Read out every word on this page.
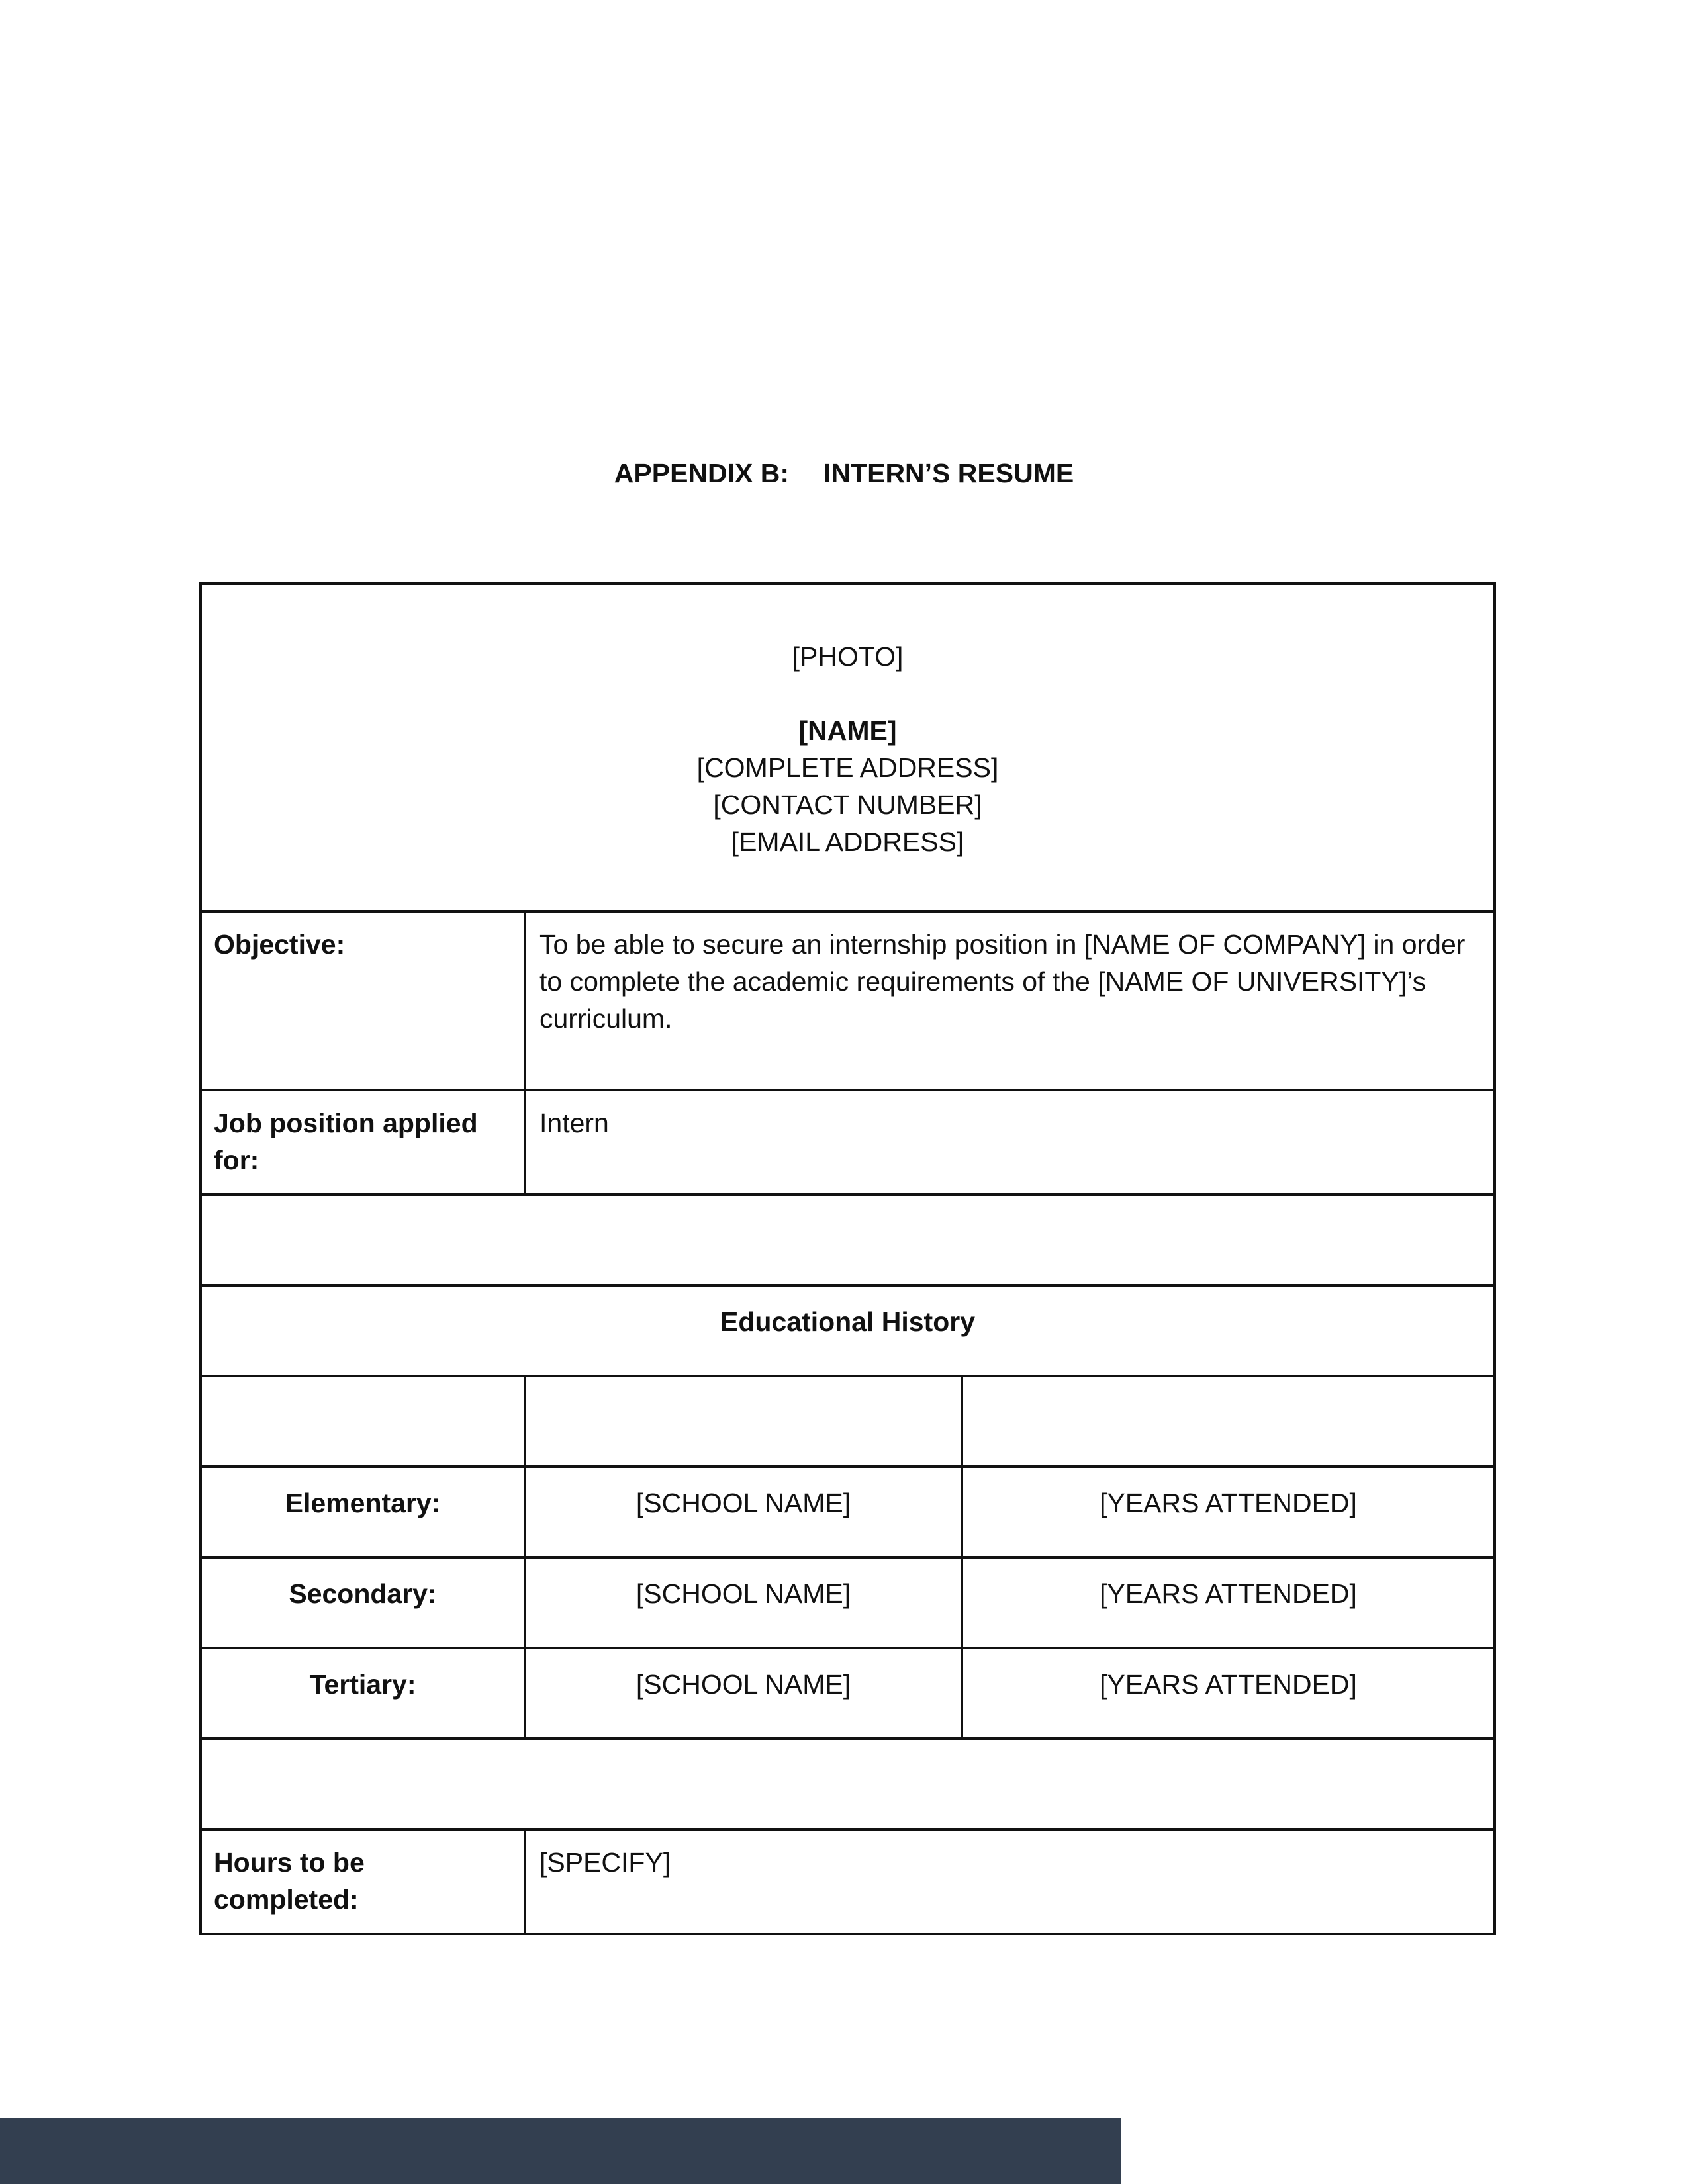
APPENDIX B: INTERN’S RESUME
[PHOTO]
[NAME]
[COMPLETE ADDRESS]
[CONTACT NUMBER]
[EMAIL ADDRESS]		

Objective:	To be able to secure an internship position in [NAME OF COMPANY] in order to complete the academic requirements of the [NAME OF UNIVERSITY]’s curriculum.	
Job position applied for:	Intern	

Educational History		

Elementary:	[SCHOOL NAME]	[YEARS ATTENDED]
Secondary:	[SCHOOL NAME]	[YEARS ATTENDED]
Tertiary:	[SCHOOL NAME]	[YEARS ATTENDED]

Hours to be completed:	[SPECIFY]	
